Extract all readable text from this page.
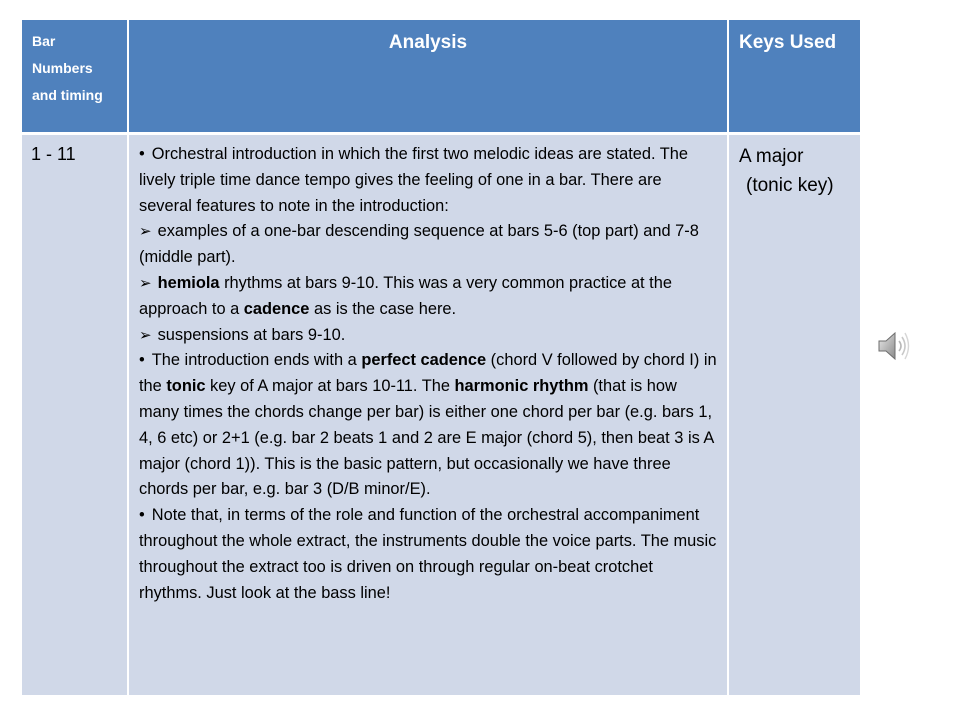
Bar Numbers and timing
Analysis	Keys Used
1 - 11

•	Orchestral introduction in which the first two melodic ideas are stated. The lively triple time dance tempo gives the feeling of one in a bar. There are several features to note in the introduction:

➢ examples of a one-bar descending sequence at bars 5-6 (top part) and 7-8 (middle part).

➢ hemiola rhythms at bars 9-10. This was a very common practice at the approach to a cadence as is the case here.

➢ suspensions at bars 9-10.

• The introduction ends with a perfect cadence (chord V followed by chord I) in the tonic key of A major at bars 10-11. The harmonic rhythm (that is how many times the chords change per bar) is either one chord per bar (e.g. bars 1, 4, 6 etc) or 2+1 (e.g. bar 2 beats 1 and 2 are E major (chord 5), then beat 3 is A major (chord 1)). This is the basic pattern, but occasionally we have three chords per bar, e.g. bar 3 (D/B minor/E).

• Note that, in terms of the role and function of the orchestral accompaniment throughout the whole extract, the instruments double the voice parts. The music throughout the extract too is driven on through regular on-beat crotchet rhythms. Just look at the bass line!

A major
(tonic key)
